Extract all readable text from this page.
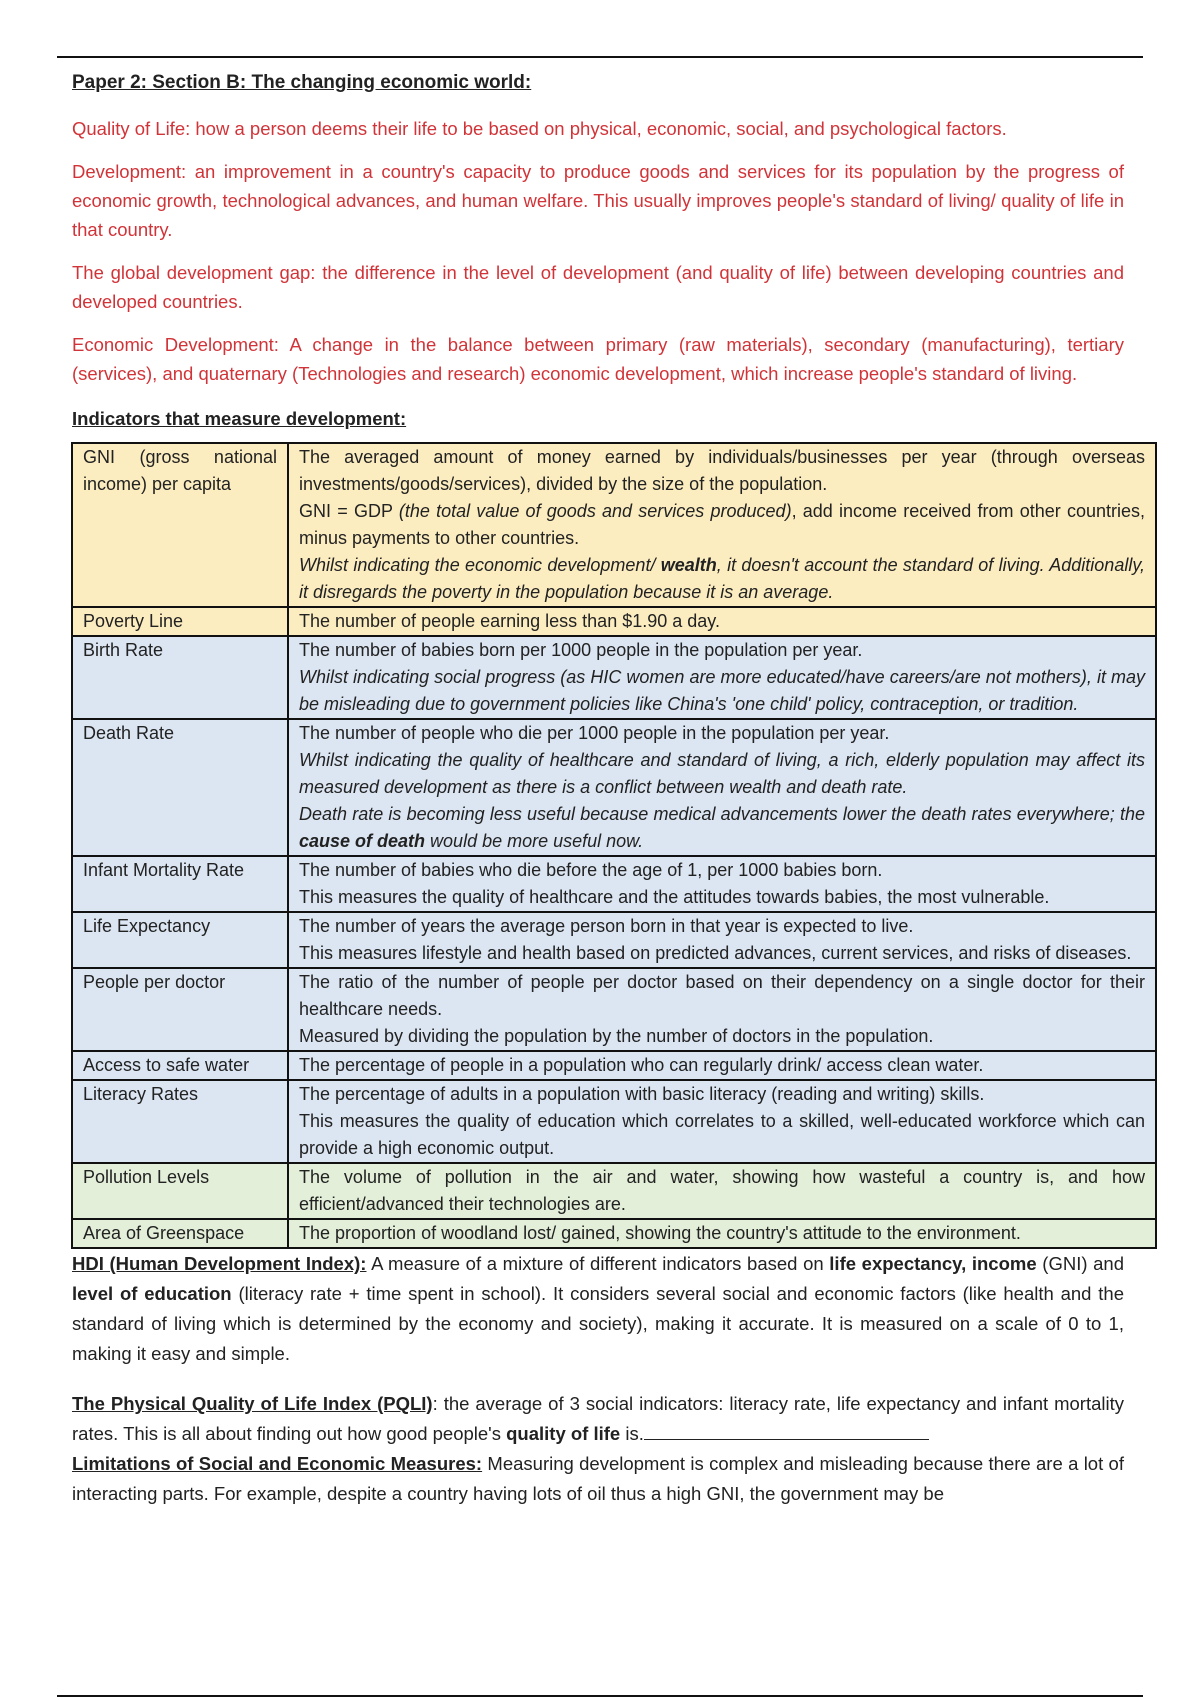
Paper 2: Section B: The changing economic world:

Quality of Life: how a person deems their life to be based on physical, economic, social, and psychological factors.

Development: an improvement in a country's capacity to produce goods and services for its population by the progress of economic growth, technological advances, and human welfare. This usually improves people's standard of living/ quality of life in that country.

The global development gap: the difference in the level of development (and quality of life) between developing countries and developed countries.

Economic Development: A change in the balance between primary (raw materials), secondary (manufacturing), tertiary (services), and quaternary (Technologies and research) economic development, which increase people's standard of living.

Indicators that measure development:
GNI (gross national income) per capita	The averaged amount of money earned by individuals/businesses per year (through overseas investments/goods/services), divided by the size of the population.
GNI = GDP (the total value of goods and services produced), add income received from other countries, minus payments to other countries.
Whilst indicating the economic development/ wealth, it doesn't account the standard of living. Additionally, it disregards the poverty in the population because it is an average.

Poverty Line	The number of people earning less than $1.90 a day.
Birth Rate	The number of babies born per 1000 people in the population per year.
Whilst indicating social progress (as HIC women are more educated/have careers/are not mothers), it may be misleading due to government policies like China's 'one child' policy, contraception, or tradition.

Death Rate	The number of people who die per 1000 people in the population per year.
Whilst indicating the quality of healthcare and standard of living, a rich, elderly population may affect its measured development as there is a conflict between wealth and death rate.
Death rate is becoming less useful because medical advancements lower the death rates everywhere; the cause of death would be more useful now.

Infant Mortality Rate	The number of babies who die before the age of 1, per 1000 babies born.
This measures the quality of healthcare and the attitudes towards babies, the most vulnerable.

Life Expectancy	The number of years the average person born in that year is expected to live.
This measures lifestyle and health based on predicted advances, current services, and risks of diseases.

People per doctor	The ratio of the number of people per doctor based on their dependency on a single doctor for their healthcare needs.
Measured by dividing the population by the number of doctors in the population.

Access to safe water	The percentage of people in a population who can regularly drink/ access clean water.
Literacy Rates	The percentage of adults in a population with basic literacy (reading and writing) skills.
This measures the quality of education which correlates to a skilled, well-educated workforce which can provide a high economic output.

Pollution Levels	The volume of pollution in the air and water, showing how wasteful a country is, and how efficient/advanced their technologies are.
Area of Greenspace	The proportion of woodland lost/ gained, showing the country's attitude to the environment.

HDI (Human Development Index): A measure of a mixture of different indicators based on life expectancy, income (GNI) and level of education (literacy rate + time spent in school). It considers several social and economic factors (like health and the standard of living which is determined by the economy and society), making it accurate. It is measured on a scale of 0 to 1, making it easy and simple.

The Physical Quality of Life Index (PQLI): the average of 3 social indicators: literacy rate, life expectancy and infant mortality rates. This is all about finding out how good people's quality of life is.

Limitations of Social and Economic Measures: Measuring development is complex and misleading because there are a lot of interacting parts. For example, despite a country having lots of oil thus a high GNI, the government may be
